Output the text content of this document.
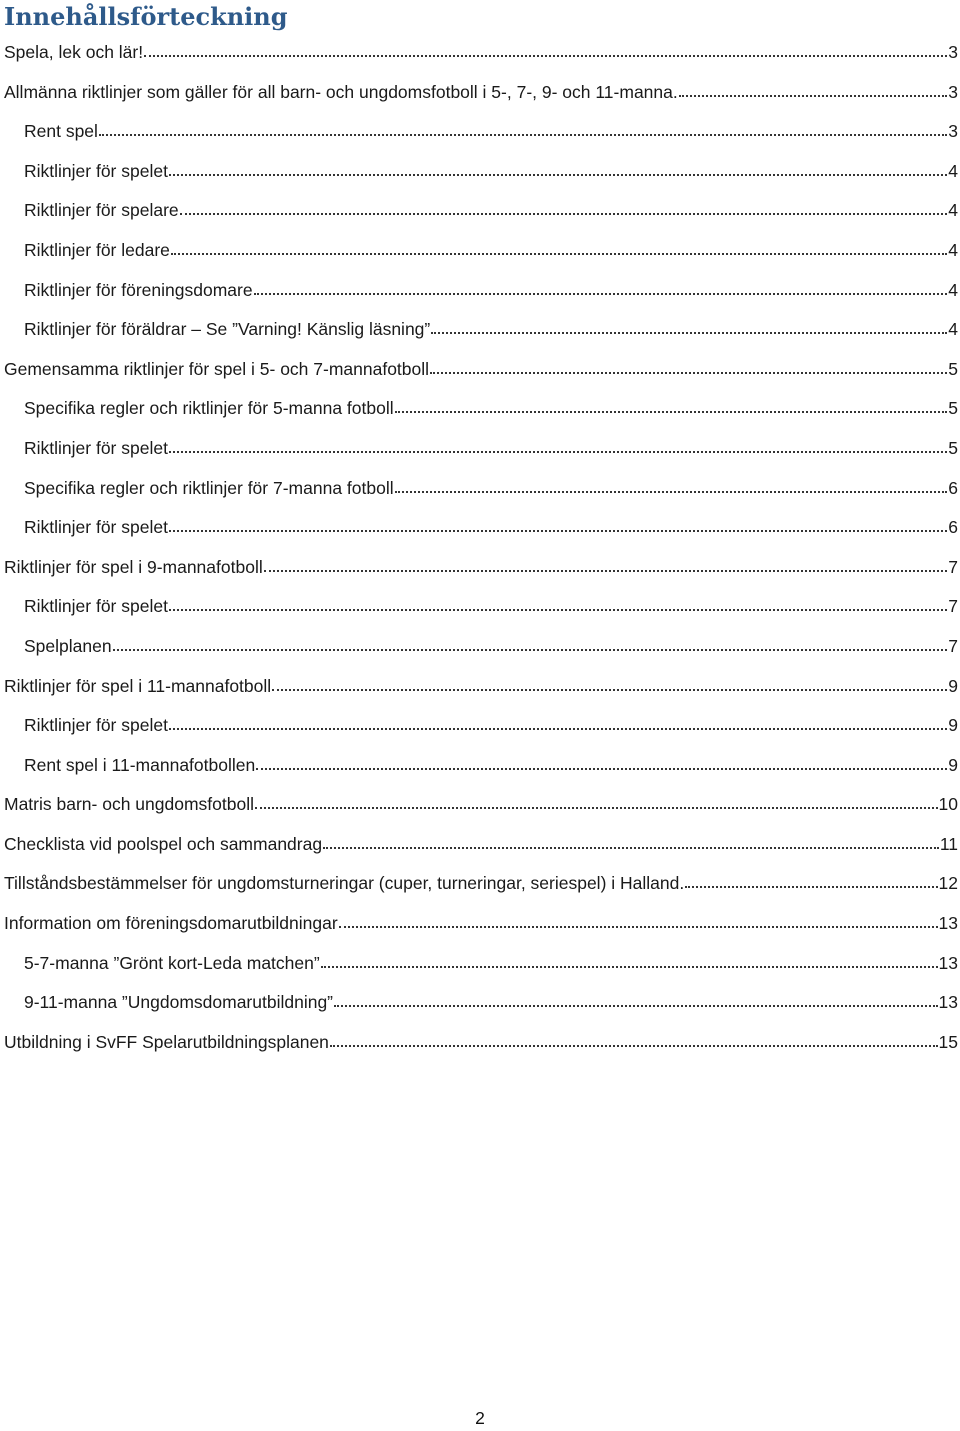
Innehållsförteckning
Spela, lek och lär!	3
Allmänna riktlinjer som gäller för all barn- och ungdomsfotboll i 5-, 7-, 9- och 11-manna.	3
Rent spel	3
Riktlinjer för spelet	4
Riktlinjer för spelare	4
Riktlinjer för ledare	4
Riktlinjer för föreningsdomare	4
Riktlinjer för föräldrar – Se ”Varning! Känslig läsning”	4
Gemensamma riktlinjer för spel i 5- och 7-mannafotboll	5
Specifika regler och riktlinjer för 5-manna fotboll	5
Riktlinjer för spelet	5
Specifika regler och riktlinjer för 7-manna fotboll	6
Riktlinjer för spelet	6
Riktlinjer för spel i 9-mannafotboll	7
Riktlinjer för spelet	7
Spelplanen	7
Riktlinjer för spel i 11-mannafotboll	9
Riktlinjer för spelet	9
Rent spel i 11-mannafotbollen	9
Matris barn- och ungdomsfotboll	10
Checklista vid poolspel och sammandrag	11
Tillståndsbestämmelser för ungdomsturneringar (cuper, turneringar, seriespel) i Halland.	12
Information om föreningsdomarutbildningar	13
5-7-manna ”Grönt kort-Leda matchen”	13
9-11-manna ”Ungdomsdomarutbildning”	13
Utbildning i SvFF Spelarutbildningsplanen	15
2
